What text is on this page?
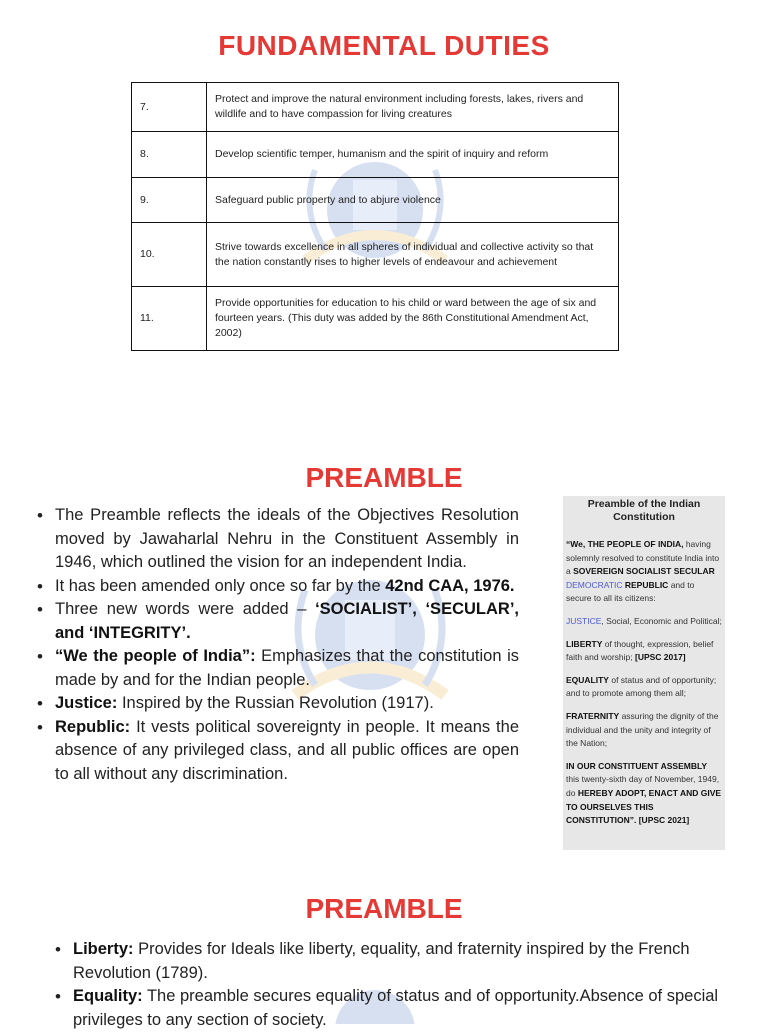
FUNDAMENTAL DUTIES
7.	Protect and improve the natural environment including forests, lakes, rivers and wildlife and to have compassion for living creatures
8.	Develop scientific temper, humanism and the spirit of inquiry and reform
9.	Safeguard public property and to abjure violence
10.	Strive towards excellence in all spheres of individual and collective activity so that the nation constantly rises to higher levels of endeavour and achievement
11.	Provide opportunities for education to his child or ward between the age of six and fourteen years. (This duty was added by the 86th Constitutional Amendment Act, 2002)
PREAMBLE
• The Preamble reflects the ideals of the Objectives Resolution moved by Jawaharlal Nehru in the Constituent Assembly in 1946, which outlined the vision for an independent India.
• It has been amended only once so far by the 42nd CAA, 1976.
• Three new words were added – ‘SOCIALIST’, ‘SECULAR’, and ‘INTEGRITY’.
• “We the people of India”: Emphasizes that the constitution is made by and for the Indian people.
• Justice: Inspired by the Russian Revolution (1917).
• Republic: It vests political sovereignty in people. It means the absence of any privileged class, and all public offices are open to all without any discrimination.
Preamble of the Indian Constitution

“We, THE PEOPLE OF INDIA, having solemnly resolved to constitute India into a SOVEREIGN SOCIALIST SECULAR DEMOCRATIC REPUBLIC and to secure to all its citizens:

JUSTICE, Social, Economic and Political;

LIBERTY of thought, expression, belief faith and worship; [UPSC 2017]

EQUALITY of status and of opportunity; and to promote among them all;

FRATERNITY assuring the dignity of the individual and the unity and integrity of the Nation;

IN OUR CONSTITUENT ASSEMBLY this twenty-sixth day of November, 1949, do HEREBY ADOPT, ENACT AND GIVE TO OURSELVES THIS CONSTITUTION”. [UPSC 2021]

PREAMBLE
• Liberty: Provides for Ideals like liberty, equality, and fraternity inspired by the French Revolution (1789).
• Equality: The preamble secures equality of status and of opportunity.Absence of special privileges to any section of society.
